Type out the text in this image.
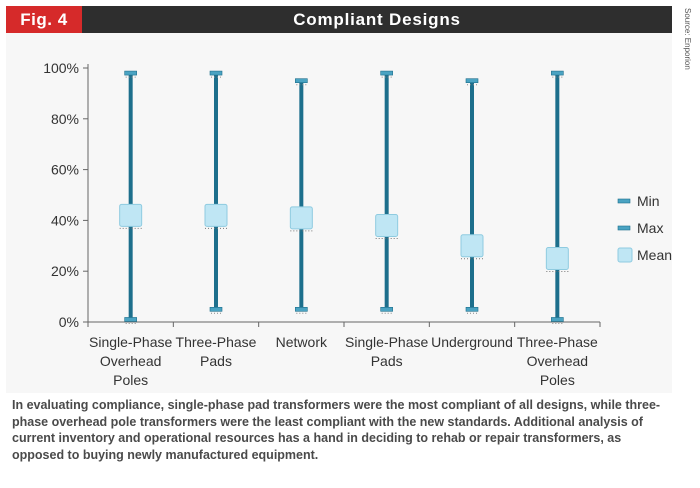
Fig. 4	Compliant Designs	Source: Enporion
0%
20%
40%
60%
80%
100%
Single-Phase Overhead Poles
Three-Phase Pads
Network Single-Phase Pads
Underground Three-Phase Overhead Poles
Min
Max
Mean
In evaluating compliance, single-phase pad transformers were the most compliant of all designs, while three-phase overhead pole transformers were the least compliant with the new standards. Additional analysis of current inventory and operational resources has a hand in deciding to rehab or repair transformers, as opposed to buying newly manufactured equipment.
